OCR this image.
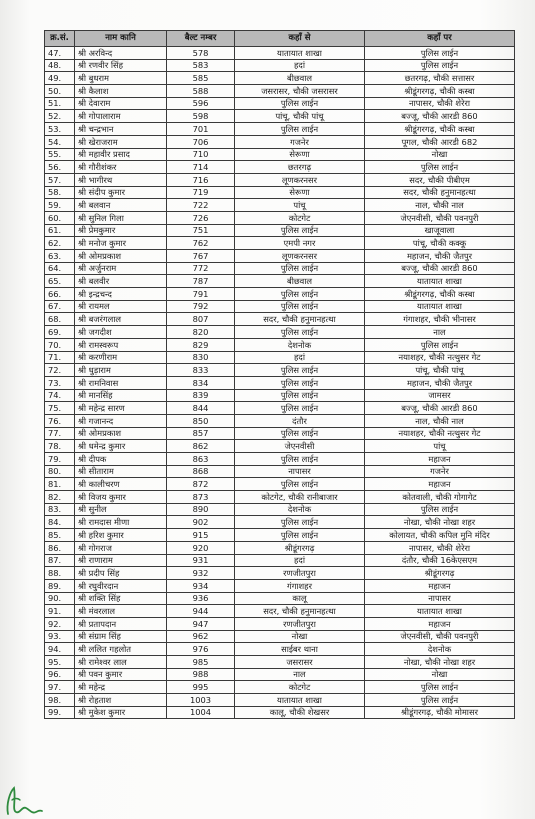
क्र.सं.	नाम कानि	बैल्ट नम्बर	कहाँ से	कहाँ पर
47.	श्री अरविन्द	578	यातायात शाखा	पुलिस लाईन
48.	श्री रणवीर सिंह	583	हदां	पुलिस लाईन
49.	श्री बुधराम	585	बीछवाल	छतरगढ़, चौकी सत्तासर
50.	श्री कैलाश	588	जसरासर, चौकी जसरासर	श्रीडूंगरगढ़, चौकी कस्बा
51.	श्री देवाराम	596	पुलिस लाईन	नापासर, चौकी शेरेरा
52.	श्री गोपालाराम	598	पांचू, चौकी पांचू	बज्जू, चौकी आरडी 860
53.	श्री चन्द्रभान	701	पुलिस लाईन	श्रीडूंगरगढ़, चौकी कस्बा
54.	श्री खेराजराम	706	गजनेर	पूगल, चौकी आरडी 682
55.	श्री महावीर प्रसाद	710	सेरूणा	नोखा
56.	श्री गौरीशंकर	714	छतरगढ़	पुलिस लाईन
57.	श्री भागीरथ	716	लूणकरनसर	सदर, चौकी पीबीएम
58.	श्री संदीप कुमार	719	सेरूणा	सदर, चौकी हनुमानहत्था
59.	श्री बलवान	722	पांचू	नाल, चौकी नाल
60.	श्री सुनिल गिला	726	कोटगेट	जेएनवीसी, चौकी पवनपुरी
61.	श्री प्रेमकुमार	751	पुलिस लाईन	खाजूवाला
62.	श्री मनोज कुमार	762	एमपी नगर	पांचू, चौकी कक्कू
63.	श्री ओमप्रकाश	767	लूणकरनसर	महाजन, चौकी जैतपुर
64.	श्री अर्जुनराम	772	पुलिस लाईन	बज्जू, चौकी आरडी 860
65.	श्री बलवीर	787	बीछवाल	यातायात शाखा
66.	श्री इन्द्रचन्द	791	पुलिस लाईन	श्रीडूंगरगढ़, चौकी कस्बा
67.	श्री रायमल	792	पुलिस लाईन	यातायात शाखा
68.	श्री बजरंगलाल	807	सदर, चौकी हनुमानहत्था	गंगाशहर, चौकी भीनासर
69.	श्री जगदीश	820	पुलिस लाईन	नाल
70.	श्री रामस्वरूप	829	देशनोक	पुलिस लाईन
71.	श्री करणीराम	830	हदां	नयाशहर, चौकी नत्थुसर गेट
72.	श्री धुड़ाराम	833	पुलिस लाईन	पांचू, चौकी पांचू
73.	श्री रामनिवास	834	पुलिस लाईन	महाजन, चौकी जैतपुर
74.	श्री मानसिंह	839	पुलिस लाईन	जामसर
75.	श्री महेन्द्र सारण	844	पुलिस लाईन	बज्जू, चौकी आरडी 860
76.	श्री गजानन्द	850	दंतौर	नाल, चौकी नाल
77.	श्री ओमप्रकाश	857	पुलिस लाईन	नयाशहर, चौकी नत्थुसर गेट
78.	श्री धमेन्द्र कुमार	862	जेएनवीसी	पांचू
79.	श्री दीपक	863	पुलिस लाईन	महाजन
80.	श्री सीताराम	868	नापासर	गजनेर
81.	श्री कालीचरण	872	पुलिस लाईन	महाजन
82.	श्री विजय कुमार	873	कोटगेट, चौकी रानीबाजार	कोतवाली, चौकी गोगागेट
83.	श्री सुनील	890	देशनोक	पुलिस लाईन
84.	श्री रामदास मीणा	902	पुलिस लाईन	नोखा, चौकी नोखा शहर
85.	श्री हरिश कुमार	915	पुलिस लाईन	कोलायत, चौकी कपिल मुनि मंदिर
86.	श्री गोगराज	920	श्रीडूंगरगढ़	नापासर, चौकी शेरेरा
87.	श्री राणाराम	931	हदां	दंतौर, चौकी 16केएसएम
88.	श्री प्रदीप सिंह	932	रणजीतपुरा	श्रीडूंगरगढ़
89.	श्री रघुवीरदान	934	गंगाशहर	महाजन
90.	श्री शक्ति सिंह	936	कालू	नापासर
91.	श्री मंवरलाल	944	सदर, चौकी हनुमानहत्था	यातायात शाखा
92.	श्री प्रतापदान	947	रणजीतपुरा	महाजन
93.	श्री संग्राम सिंह	962	नोखा	जेएनवीसी, चौकी पवनपुरी
94.	श्री ललित गहलोत	976	साईबर थाना	देशनोक
95.	श्री रामेश्वर लाल	985	जसरासर	नोखा, चौकी नोखा शहर
96.	श्री पवन कुमार	988	नाल	नोखा
97.	श्री महेन्द्र	995	कोटगेट	पुलिस लाईन
98.	श्री रोहताश	1003	यातायात शाखा	पुलिस लाईन
99.	श्री मुकेश कुमार	1004	कालू, चौकी शेखसर	श्रीडूंगरगढ़, चौकी मोमासर
